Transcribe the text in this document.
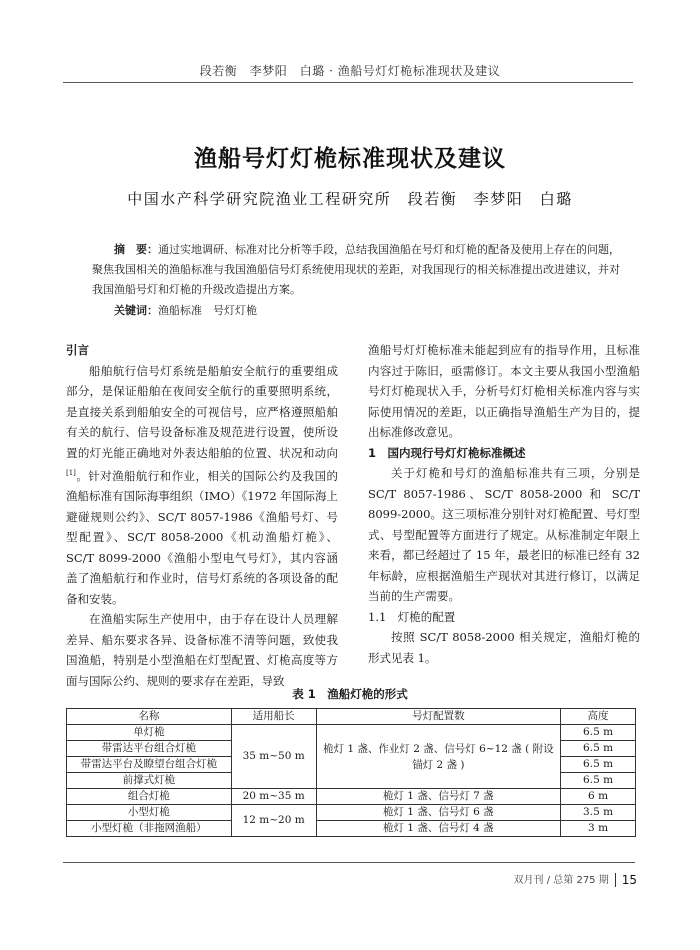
段若衡　李梦阳　白璐 · 渔船号灯灯桅标准现状及建议
渔船号灯灯桅标准现状及建议
中国水产科学研究院渔业工程研究所　段若衡　李梦阳　白璐

摘　要：通过实地调研、标准对比分析等手段，总结我国渔船在号灯和灯桅的配备及使用上存在的问题，聚焦我国相关的渔船标准与我国渔船信号灯系统使用现状的差距，对我国现行的相关标准提出改进建议，并对我国渔船号灯和灯桅的升级改造提出方案。

关键词：渔船标准　号灯灯桅

引言

船舶航行信号灯系统是船舶安全航行的重要组成部分，是保证船舶在夜间安全航行的重要照明系统，是直接关系到船舶安全的可视信号，应严格遵照船舶有关的航行、信号设备标准及规范进行设置，使所设置的灯光能正确地对外表达船舶的位置、状况和动向[1]。针对渔船航行和作业，相关的国际公约及我国的渔船标准有国际海事组织（IMO）《1972 年国际海上避碰规则公约》、SC/T 8057-1986《渔船号灯、号型配置》、SC/T 8058-2000《机动渔船灯桅》、SC/T 8099-2000《渔船小型电气号灯》，其内容涵盖了渔船航行和作业时，信号灯系统的各项设备的配备和安装。

在渔船实际生产使用中，由于存在设计人员理解差异、船东要求各异、设备标准不清等问题，致使我国渔船，特别是小型渔船在灯型配置、灯桅高度等方面与国际公约、规则的要求存在差距，导致

渔船号灯灯桅标准未能起到应有的指导作用，且标准内容过于陈旧，亟需修订。本文主要从我国小型渔船号灯灯桅现状入手，分析号灯灯桅相关标准内容与实际使用情况的差距，以正确指导渔船生产为目的，提出标准修改意见。

1　国内现行号灯灯桅标准概述

关于灯桅和号灯的渔船标准共有三项，分别是 SC/T 8057-1986、SC/T 8058-2000 和 SC/T 8099-2000。这三项标准分别针对灯桅配置、号灯型式、号型配置等方面进行了规定。从标准制定年限上来看，都已经超过了 15 年，最老旧的标准已经有 32 年标龄，应根据渔船生产现状对其进行修订，以满足当前的生产需要。

1.1　灯桅的配置

按照 SC/T 8058-2000 相关规定，渔船灯桅的形式见表 1。

表 1　渔船灯桅的形式
名称	适用船长	号灯配置数	高度
单灯桅	35 m~50 m	桅灯 1 盏、作业灯 2 盏、信号灯 6~12 盏 ( 附设锚灯 2 盏 )	6.5 m
带雷达平台组合灯桅			6.5 m
带雷达平台及瞭望台组合灯桅			6.5 m
前撑式灯桅			6.5 m
组合灯桅	20 m~35 m	桅灯 1 盏、信号灯 7 盏	6 m
小型灯桅	12 m~20 m	桅灯 1 盏、信号灯 6 盏	3.5 m
小型灯桅（非拖网渔船）		桅灯 1 盏、信号灯 4 盏	3 m
双月刊 / 总第 275 期 15
